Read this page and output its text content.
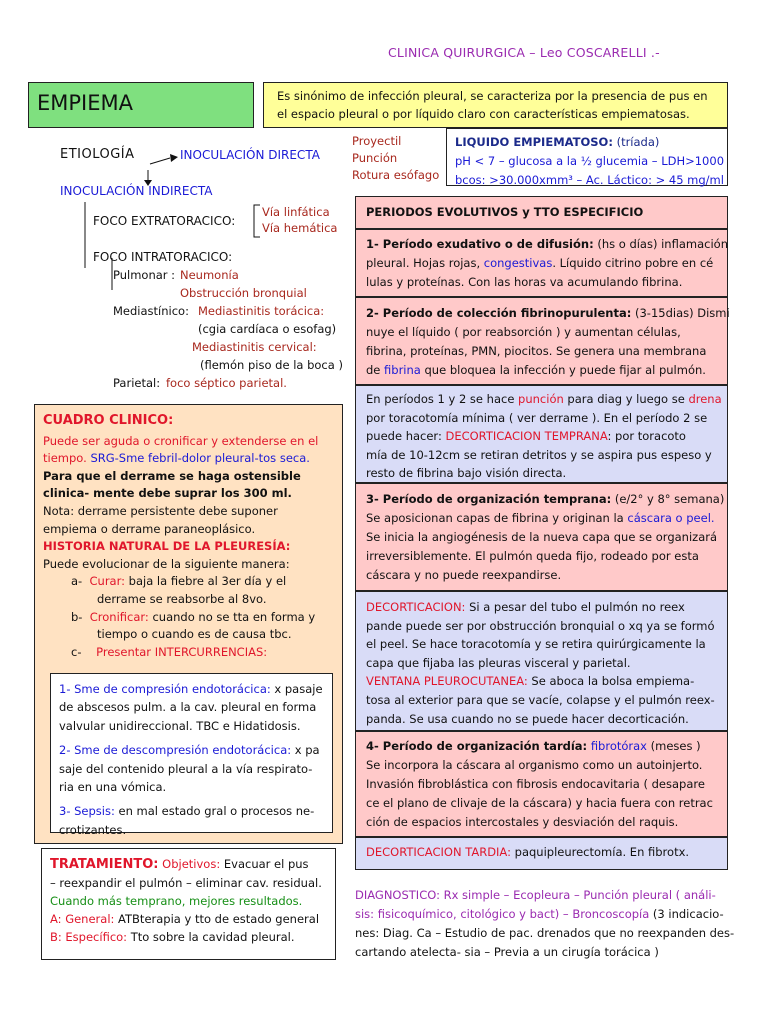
CLINICA QUIRURGICA – Leo COSCARELLI .-
EMPIEMA	Es sinónimo de infección pleural, se caracteriza por la presencia de pus en

el espacio pleural o por líquido claro con características empiematosas.

ETIOLOGÍA	INOCULACIÓN DIRECTA

Proyectil

Punción

Rotura esófago

INOCULACIÓN INDIRECTA
FOCO EXTRATORACICO:

Vía linfática

Vía hemática

FOCO INTRATORACICO:
Pulmonar : Neumonía
Obstrucción bronquial
Mediastínico: Mediastinitis torácica:
(cgia cardíaca o esofag)
Mediastinitis cervical:
(flemón piso de la boca )
Parietal: foco séptico parietal.

LIQUIDO EMPIEMATOSO: (tríada)

pH < 7 – glucosa a la ½ glucemia – LDH>1000

bcos: >30.000xmm³ – Ac. Láctico: > 45 mg/ml

PERIODOS EVOLUTIVOS y TTO ESPECIFICIO

1- Período exudativo o de difusión: (hs o días) inflamación

pleural. Hojas rojas, congestivas. Líquido citrino pobre en cé

lulas y proteínas. Con las horas va acumulando fibrina.

2- Período de colección fibrinopurulenta: (3-15dias) Dismi

nuye el líquido ( por reabsorción ) y aumentan células,

fibrina, proteínas, PMN, piocitos. Se genera una membrana

de fibrina que bloquea la infección y puede fijar al pulmón.

En períodos 1 y 2 se hace punción para diag y luego se drena

por toracotomía mínima ( ver derrame ). En el período 2 se

puede hacer: DECORTICACION TEMPRANA: por toracoto

mía de 10-12cm se retiran detritos y se aspira pus espeso y

resto de fibrina bajo visión directa.

3- Período de organización temprana: (e/2° y 8° semana)

Se aposicionan capas de fibrina y originan la cáscara o peel.

Se inicia la angiogénesis de la nueva capa que se organizará

irreversiblemente. El pulmón queda fijo, rodeado por esta

cáscara y no puede reexpandirse.

DECORTICACION: Si a pesar del tubo el pulmón no reex

pande puede ser por obstrucción bronquial o xq ya se formó

el peel. Se hace toracotomía y se retira quirúrgicamente la

capa que fijaba las pleuras visceral y parietal.

VENTANA PLEUROCUTANEA: Se aboca la bolsa empiema-

tosa al exterior para que se vacíe, colapse y el pulmón reex-

panda. Se usa cuando no se puede hacer decorticación.

4- Período de organización tardía: fibrotórax (meses )

Se incorpora la cáscara al organismo como un autoinjerto.

Invasión fibroblástica con fibrosis endocavitaria ( desapare

ce el plano de clivaje de la cáscara) y hacia fuera con retrac

ción de espacios intercostales y desviación del raquis.

DECORTICACION TARDIA: paquipleurectomía. En fibrotx.

CUADRO CLINICO:

Puede ser aguda o cronificar y extenderse en el

tiempo. SRG-Sme febril-dolor pleural-tos seca.

Para que el derrame se haga ostensible

clinica- mente debe suprar los 300 ml.

Nota: derrame persistente debe suponer

empiema o derrame paraneoplásico.

HISTORIA NATURAL DE LA PLEURESÍA:

Puede evolucionar de la siguiente manera:

a- Curar: baja la fiebre al 3er día y el

derrame se reabsorbe al 8vo.

b- Cronificar: cuando no se tta en forma y

tiempo o cuando es de causa tbc.

c- Presentar INTERCURRENCIAS:

1- Sme de compresión endotorácica: x pasaje

de abscesos pulm. a la cav. pleural en forma

valvular unidireccional. TBC e Hidatidosis.

2- Sme de descompresión endotorácica: x pa

saje del contenido pleural a la vía respirato-

ria en una vómica.

3- Sepsis: en mal estado gral o procesos ne-

crotizantes.

TRATAMIENTO: Objetivos: Evacuar el pus

– reexpandir el pulmón – eliminar cav. residual.

Cuando más temprano, mejores resultados.

A: General: ATBterapia y tto de estado general

B: Específico: Tto sobre la cavidad pleural.

DIAGNOSTICO: Rx simple – Ecopleura – Punción pleural ( análi-

sis: fisicoquímico, citológico y bact) – Broncoscopía (3 indicacio-

nes: Diag. Ca – Estudio de pac. drenados que no reexpanden des-

cartando atelecta- sia – Previa a un cirugía torácica )
